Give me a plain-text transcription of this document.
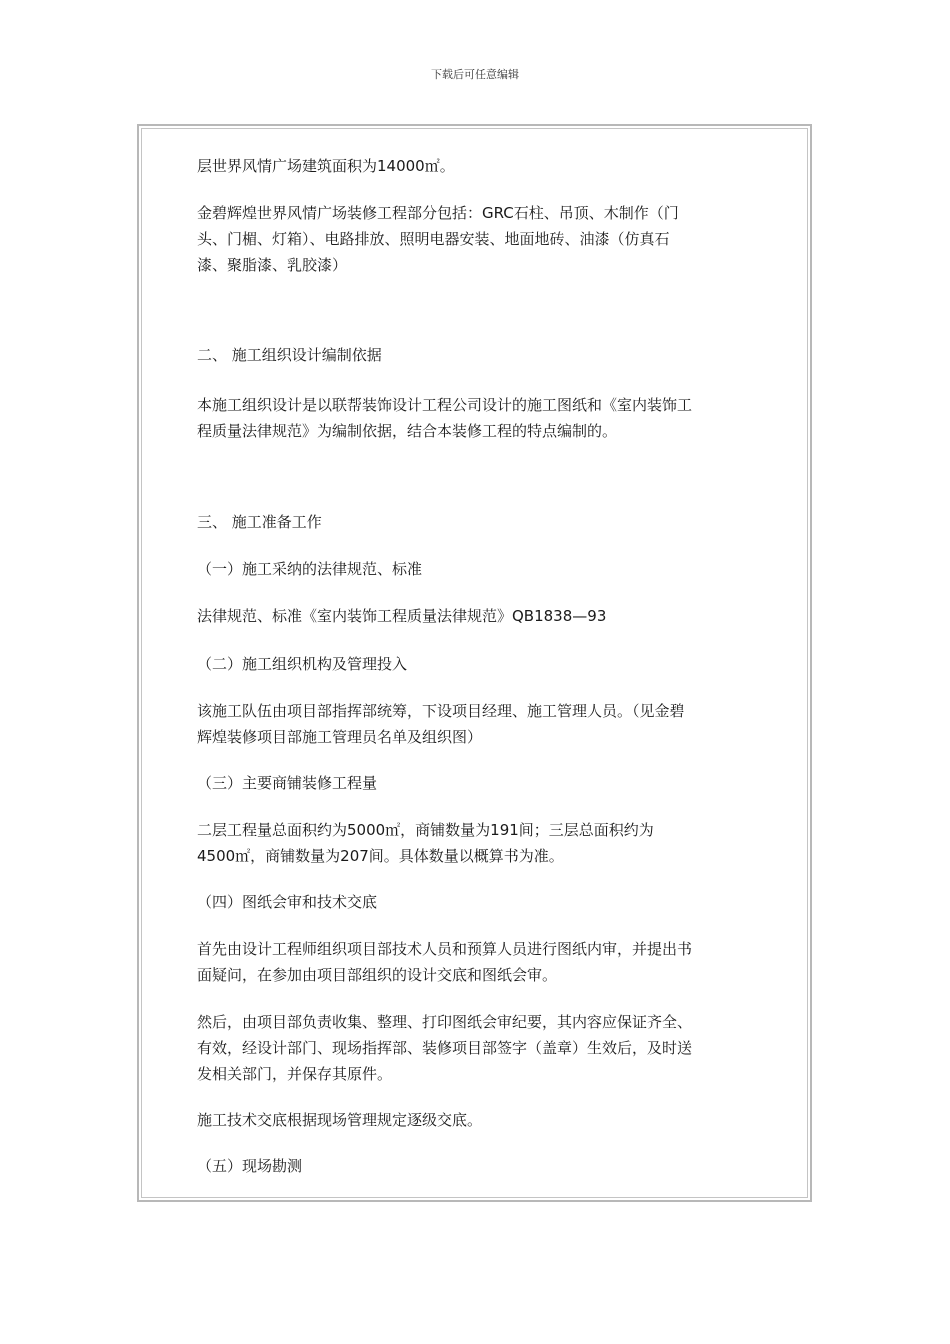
下载后可任意编辑
层世界风情广场建筑面积为14000㎡。
金碧辉煌世界风情广场装修工程部分包括：GRC石柱、吊顶、木制作（门
头、门楣、灯箱）、电路排放、照明电器安装、地面地砖、油漆（仿真石
漆、聚脂漆、乳胶漆）
二、 施工组织设计编制依据
本施工组织设计是以联帮装饰设计工程公司设计的施工图纸和《室内装饰工
程质量法律规范》为编制依据，结合本装修工程的特点编制的。
三、 施工准备工作
（一）施工采纳的法律规范、标准
法律规范、标准《室内装饰工程质量法律规范》QB1838—93
（二）施工组织机构及管理投入
该施工队伍由项目部指挥部统筹，下设项目经理、施工管理人员。（见金碧
辉煌装修项目部施工管理员名单及组织图）
（三）主要商铺装修工程量
二层工程量总面积约为5000㎡，商铺数量为191间；三层总面积约为
4500㎡，商铺数量为207间。具体数量以概算书为准。
（四）图纸会审和技术交底
首先由设计工程师组织项目部技术人员和预算人员进行图纸内审，并提出书
面疑问，在参加由项目部组织的设计交底和图纸会审。
然后，由项目部负责收集、整理、打印图纸会审纪要，其内容应保证齐全、
有效，经设计部门、现场指挥部、装修项目部签字（盖章）生效后，及时送
发相关部门，并保存其原件。
施工技术交底根据现场管理规定逐级交底。
（五）现场勘测
